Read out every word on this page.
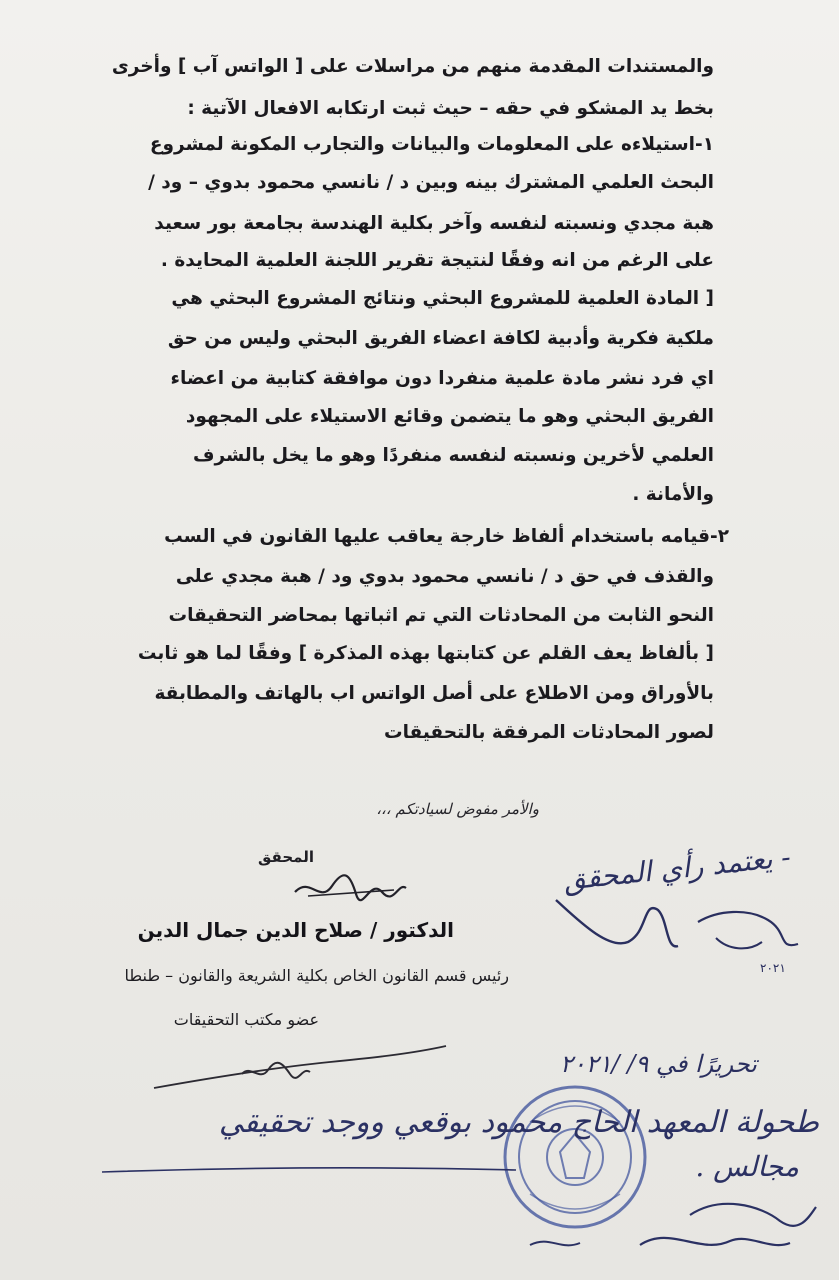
والمستندات المقدمة منهم من مراسلات على [ الواتس آب ] وأخرى
بخط يد المشكو في حقه – حيث ثبت ارتكابه الافعال الآتية :
١-استيلاءه على المعلومات والبيانات والتجارب المكونة لمشروع
البحث العلمي المشترك بينه وبين د / نانسي محمود بدوي – ود /
هبة مجدي ونسبته لنفسه وآخر بكلية الهندسة بجامعة بور سعيد
على الرغم من انه وفقًا لنتيجة تقرير اللجنة العلمية المحايدة .
[ المادة العلمية للمشروع البحثي ونتائج المشروع البحثي هي
ملكية فكرية وأدبية لكافة اعضاء الفريق البحثي وليس من حق
اي فرد نشر مادة علمية منفردا دون موافقة كتابية من اعضاء
الفريق البحثي وهو ما يتضمن وقائع الاستيلاء على المجهود
العلمي لأخرين ونسبته لنفسه منفردًا وهو ما يخل بالشرف
والأمانة .
٢-قيامه باستخدام ألفاظ خارجة يعاقب عليها القانون في السب
والقذف في حق د / نانسي محمود بدوي ود / هبة مجدي على
النحو الثابت من المحادثات التي تم اثباتها بمحاضر التحقيقات
[ بألفاظ يعف القلم عن كتابتها بهذه المذكرة ] وفقًا لما هو ثابت
بالأوراق ومن الاطلاع على أصل الواتس اب بالهاتف والمطابقة
لصور المحادثات المرفقة بالتحقيقات
والأمر مفوض لسيادتكم ،،،
المحقق
الدكتور / صلاح الدين جمال الدين
رئيس قسم القانون الخاص بكلية الشريعة والقانون – طنطا
عضو مكتب التحقيقات
- يعتمد رأي المحقق
٢٠٢١
تحريرًا في ٩/ /٢٠٢١
طحولة المعهد الحاج محمود بوقعي ووجد تحقيقي
مجالس .
